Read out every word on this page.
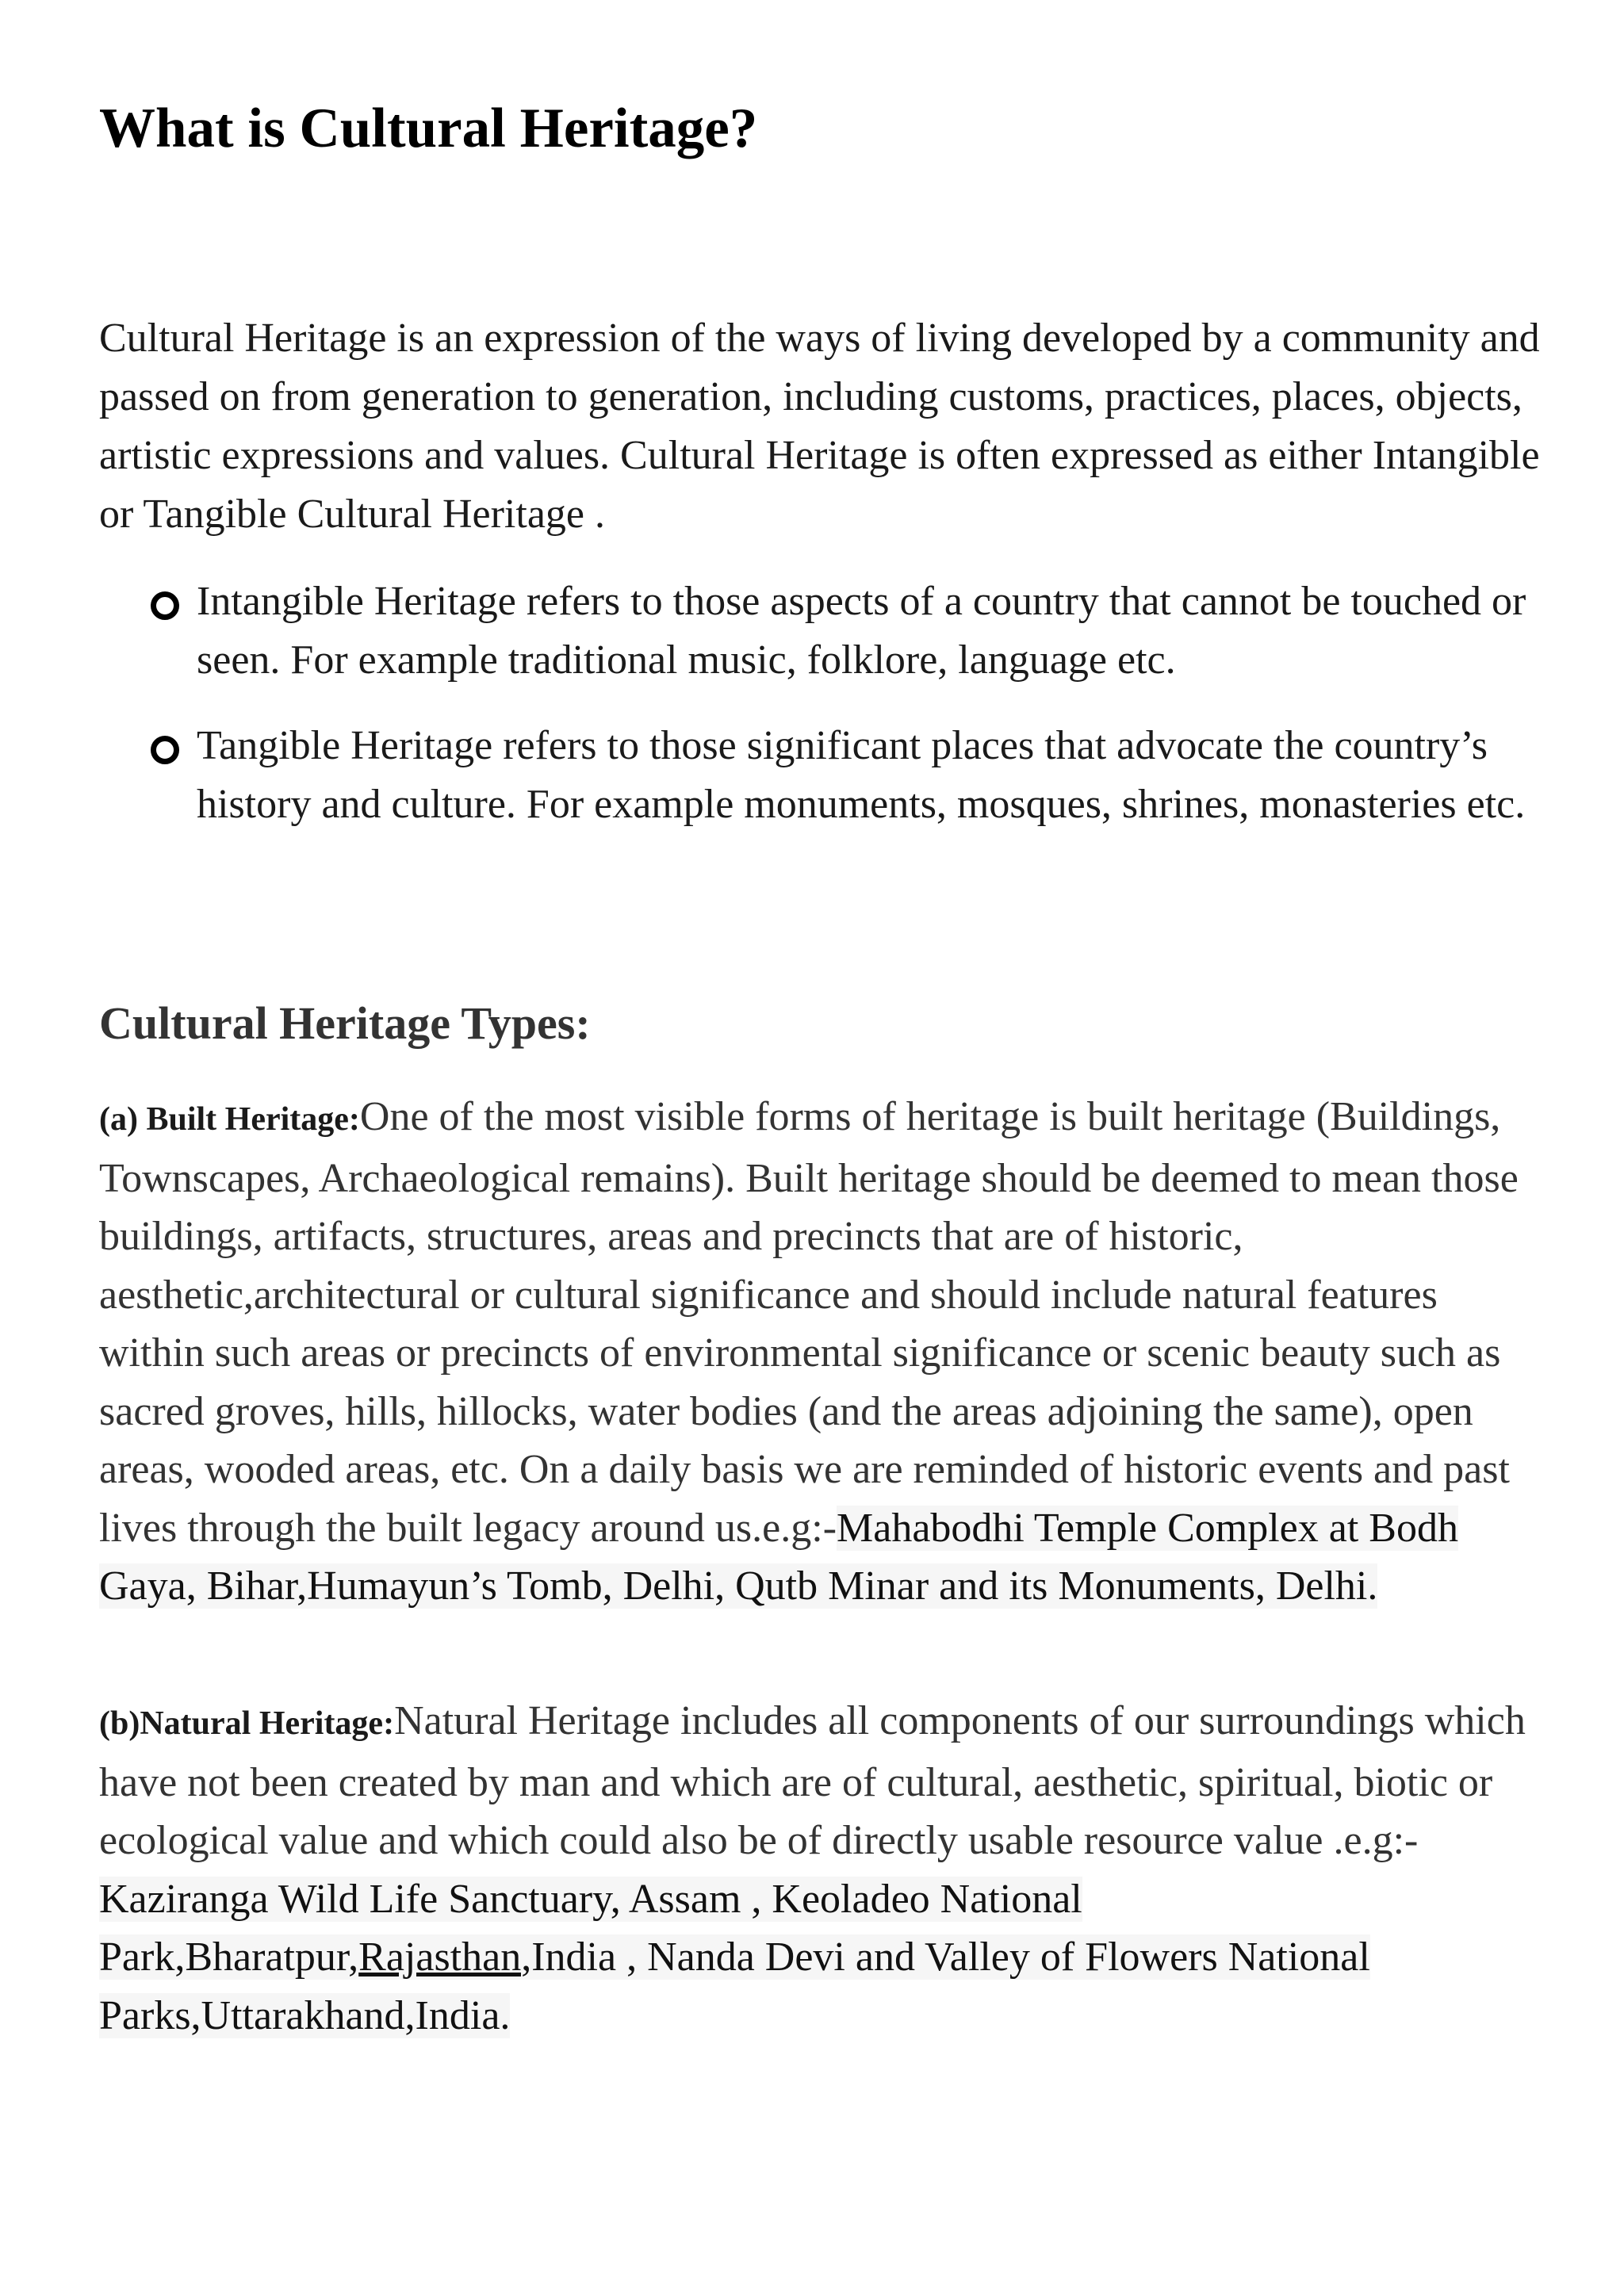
What is Cultural Heritage?

Cultural Heritage is an expression of the ways of living developed by a community and passed on from generation to generation, including customs, practices, places, objects, artistic expressions and values. Cultural Heritage is often expressed as either Intangible or Tangible Cultural Heritage .

Intangible Heritage refers to those aspects of a country that cannot be touched or seen. For example traditional music, folklore, language etc.
Tangible Heritage refers to those significant places that advocate the country’s history and culture. For example monuments, mosques, shrines, monasteries etc.
Cultural Heritage Types:

(a) Built Heritage:One of the most visible forms of heritage is built heritage (Buildings, Townscapes, Archaeological remains). Built heritage should be deemed to mean those buildings, artifacts, structures, areas and precincts that are of historic, aesthetic,architectural or cultural significance and should include natural features within such areas or precincts of environmental significance or scenic beauty such as sacred groves, hills, hillocks, water bodies (and the areas adjoining the same), open areas, wooded areas, etc. On a daily basis we are reminded of historic events and past lives through the built legacy around us.e.g:-Mahabodhi Temple Complex at Bodh Gaya, Bihar,Humayun’s Tomb, Delhi, Qutb Minar and its Monuments, Delhi.

(b)Natural Heritage:Natural Heritage includes all components of our surroundings which have not been created by man and which are of cultural, aesthetic, spiritual, biotic or ecological value and which could also be of directly usable resource value .e.g:-Kaziranga Wild Life Sanctuary, Assam , Keoladeo National Park,Bharatpur,Rajasthan,India , Nanda Devi and Valley of Flowers National Parks,Uttarakhand,India.
